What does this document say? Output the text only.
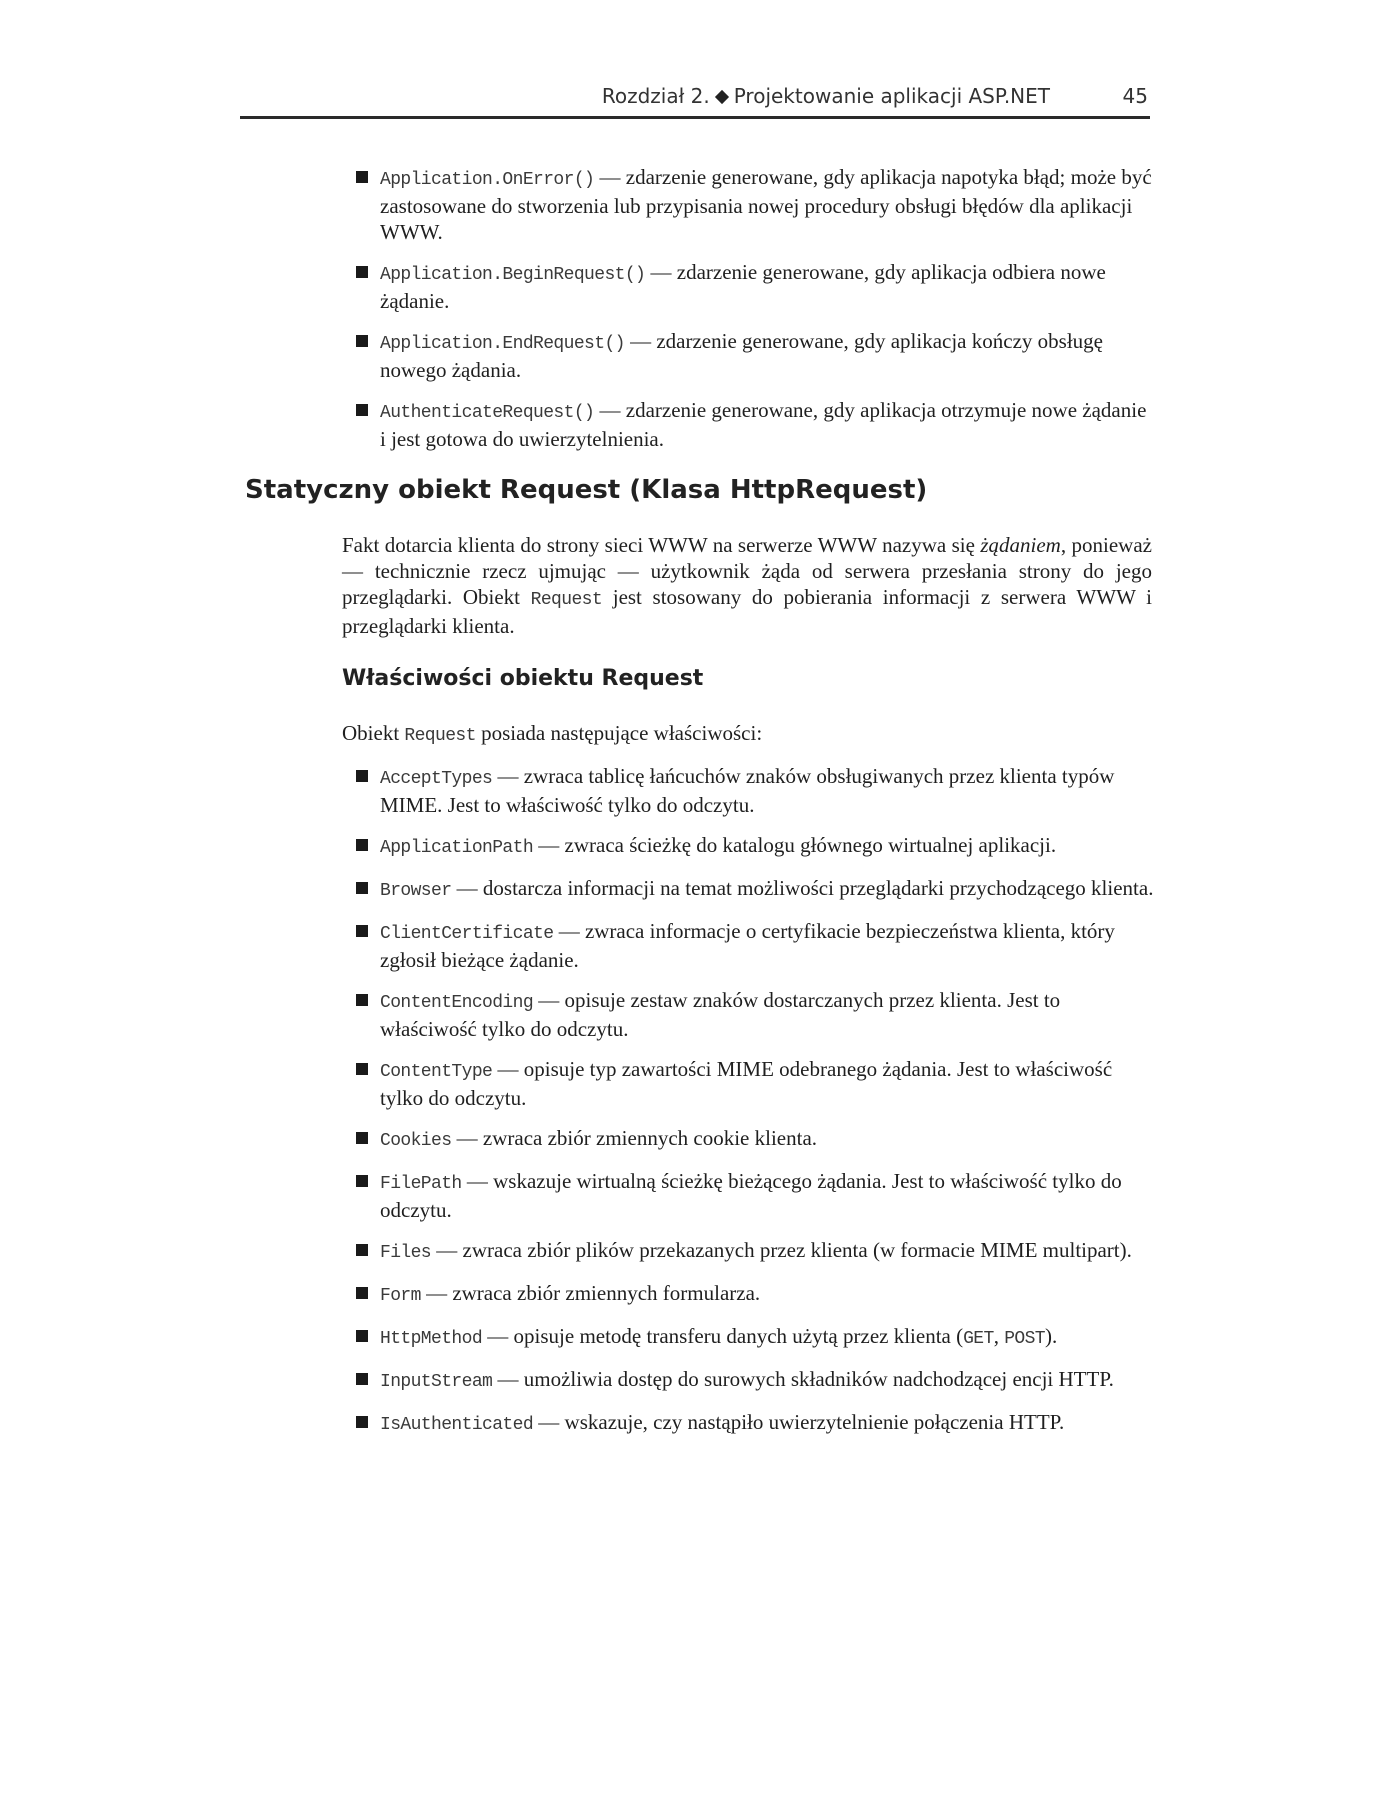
Rozdział 2. Projektowanie aplikacji ASP.NET	45
Application.OnError() — zdarzenie generowane, gdy aplikacja napotyka błąd; może być zastosowane do stworzenia lub przypisania nowej procedury obsługi błędów dla aplikacji WWW.
Application.BeginRequest() — zdarzenie generowane, gdy aplikacja odbiera nowe żądanie.
Application.EndRequest() — zdarzenie generowane, gdy aplikacja kończy obsługę nowego żądania.
AuthenticateRequest() — zdarzenie generowane, gdy aplikacja otrzymuje nowe żądanie i jest gotowa do uwierzytelnienia.
Statyczny obiekt Request (Klasa HttpRequest)

Fakt dotarcia klienta do strony sieci WWW na serwerze WWW nazywa się żądaniem, ponieważ — technicznie rzecz ujmując — użytkownik żąda od serwera przesłania strony do jego przeglądarki. Obiekt Request jest stosowany do pobierania informacji z serwera WWW i przeglądarki klienta.

Właściwości obiektu Request

Obiekt Request posiada następujące właściwości:

AcceptTypes — zwraca tablicę łańcuchów znaków obsługiwanych przez klienta typów MIME. Jest to właściwość tylko do odczytu.
ApplicationPath — zwraca ścieżkę do katalogu głównego wirtualnej aplikacji.
Browser — dostarcza informacji na temat możliwości przeglądarki przychodzącego klienta.
ClientCertificate — zwraca informacje o certyfikacie bezpieczeństwa klienta, który zgłosił bieżące żądanie.
ContentEncoding — opisuje zestaw znaków dostarczanych przez klienta. Jest to właściwość tylko do odczytu.
ContentType — opisuje typ zawartości MIME odebranego żądania. Jest to właściwość tylko do odczytu.
Cookies — zwraca zbiór zmiennych cookie klienta.
FilePath — wskazuje wirtualną ścieżkę bieżącego żądania. Jest to właściwość tylko do odczytu.
Files — zwraca zbiór plików przekazanych przez klienta (w formacie MIME multipart).
Form — zwraca zbiór zmiennych formularza.
HttpMethod — opisuje metodę transferu danych użytą przez klienta (GET, POST).
InputStream — umożliwia dostęp do surowych składników nadchodzącej encji HTTP.
IsAuthenticated — wskazuje, czy nastąpiło uwierzytelnienie połączenia HTTP.
